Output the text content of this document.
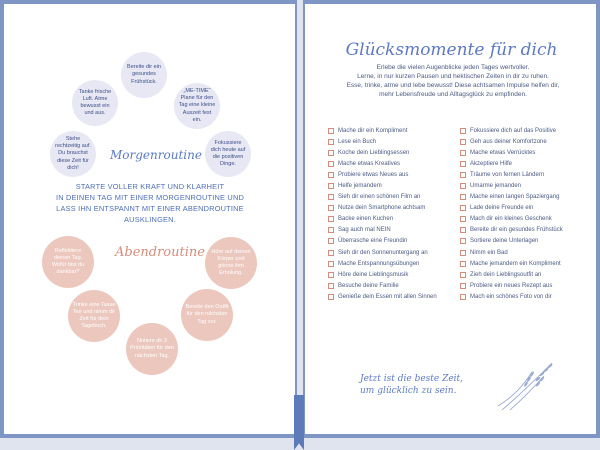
Bereite dir ein gesundes Frühstück.
„ME-TIME“ Plane für den Tag eine kleine Auszeit fest ein.
Fokussiere dich heute auf die positiven Dinge.
Stehe rechtzeitig auf. Du brauchst diese Zeit für dich!
Tanke frische Luft. Atme bewusst ein und aus.
Morgenroutine
STARTE VOLLER KRAFT UND KLARHEIT
IN DEINEN TAG MIT EINER MORGENROUTINE UND
LASS IHN ENTSPANNT MIT EINER ABENDROUTINE AUSKLINGEN.
Abendroutine
Reflektiere deinen Tag. Wofür bist du dankbar?
Höre auf deinen Körper und gönne ihm Erholung.
Bereite den Outfit für den nächsten Tag vor.
Notiere dir 3 Prioritäten für den nächsten Tag.
Trinke eine Tasse Tee und nimm dir Zeit für dein Tagebuch.
Glücksmomente für dich
Erlebe die vielen Augenblicke jeden Tages wertvoller.
Lerne, in nur kurzen Pausen und hektischen Zeiten in dir zu ruhen.
Esse, trinke, atme und lebe bewusst! Diese achtsamen Impulse helfen dir,
mehr Lebensfreude und Alltagsglück zu empfinden.
Mache dir ein Kompliment
Lese ein Buch
Koche dein Lieblingsessen
Mache etwas Kreatives
Probiere etwas Neues aus
Helfe jemandem
Sieh dir einen schönen Film an
Nutze dein Smartphone achtsam
Backe einen Kuchen
Sag auch mal NEIN
Überrasche eine Freundin
Sieh dir den Sonnenuntergang an
Mache Entspannungsübungen
Höre deine Lieblingsmusik
Besuche deine Familie
Genieße dein Essen mit allen Sinnen
Fokussiere dich auf das Positive
Geh aus deiner Komfortzone
Mache etwas Verrücktes
Akzeptiere Hilfe
Träume von fernen Ländern
Umarme jemanden
Mache einen langen Spaziergang
Lade deine Freunde ein
Mach dir ein kleines Geschenk
Bereite dir ein gesundes Frühstück
Sortiere deine Unterlagen
Nimm ein Bad
Mache jemandem ein Kompliment
Zieh dein Lieblingsoutfit an
Probiere ein neues Rezept aus
Mach ein schönes Foto von dir
Jetzt ist die beste Zeit,
um glücklich zu sein.
